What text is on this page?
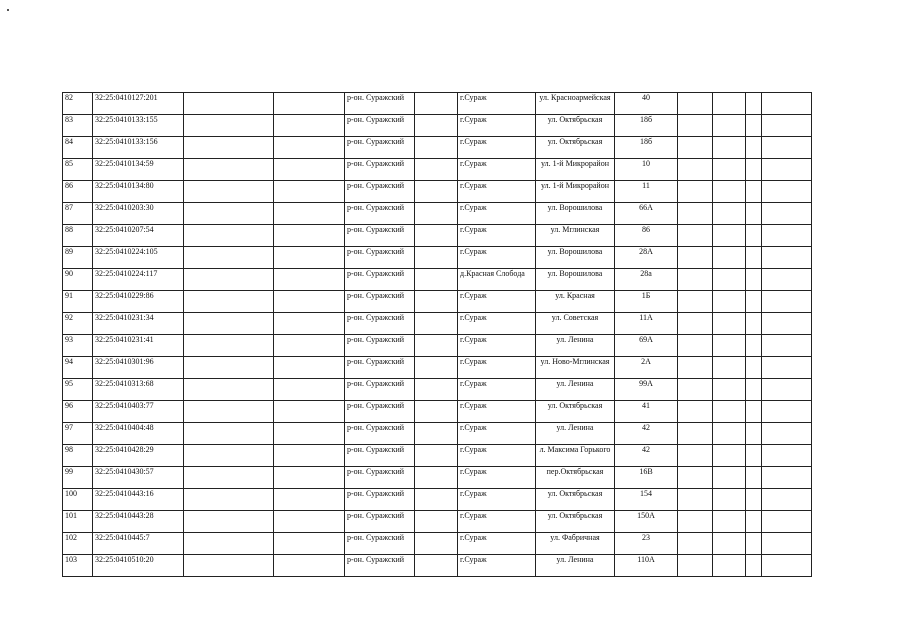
82	32:25:0410127:201			р-он. Суражский		г.Сураж	ул. Красноармейская	40				
83	32:25:0410133:155			р-он. Суражский		г.Сураж	ул. Октябрьская	18б				
84	32:25:0410133:156			р-он. Суражский		г.Сураж	ул. Октябрьская	18б				
85	32:25:0410134:59			р-он. Суражский		г.Сураж	ул. 1-й Микрорайон	10				
86	32:25:0410134:80			р-он. Суражский		г.Сураж	ул. 1-й Микрорайон	11				
87	32:25:0410203:30			р-он. Суражский		г.Сураж	ул. Ворошилова	66А				
88	32:25:0410207:54			р-он. Суражский		г.Сураж	ул. Мглинская	86				
89	32:25:0410224:105			р-он. Суражский		г.Сураж	ул. Ворошилова	28А				
90	32:25:0410224:117			р-он. Суражский		д.Красная Слобода	ул. Ворошилова	28а				
91	32:25:0410229:86			р-он. Суражский		г.Сураж	ул. Красная	1Б				
92	32:25:0410231:34			р-он. Суражский		г.Сураж	ул. Советская	11А				
93	32:25:0410231:41			р-он. Суражский		г.Сураж	ул. Ленина	69А				
94	32:25:0410301:96			р-он. Суражский		г.Сураж	ул. Ново-Мглинская	2А				
95	32:25:0410313:68			р-он. Суражский		г.Сураж	ул. Ленина	99А				
96	32:25:0410403:77			р-он. Суражский		г.Сураж	ул. Октябрьская	41				
97	32:25:0410404:48			р-он. Суражский		г.Сураж	ул. Ленина	42				
98	32:25:0410428:29			р-он. Суражский		г.Сураж	л. Максима Горького	42				
99	32:25:0410430:57			р-он. Суражский		г.Сураж	пер.Октябрьская	16В				
100	32:25:0410443:16			р-он. Суражский		г.Сураж	ул. Октябрьская	154				
101	32:25:0410443:28			р-он. Суражский		г.Сураж	ул. Октябрьская	150А				
102	32:25:0410445:7			р-он. Суражский		г.Сураж	ул. Фабричная	23				
103	32:25:0410510:20			р-он. Суражский		г.Сураж	ул. Ленина	110А				
